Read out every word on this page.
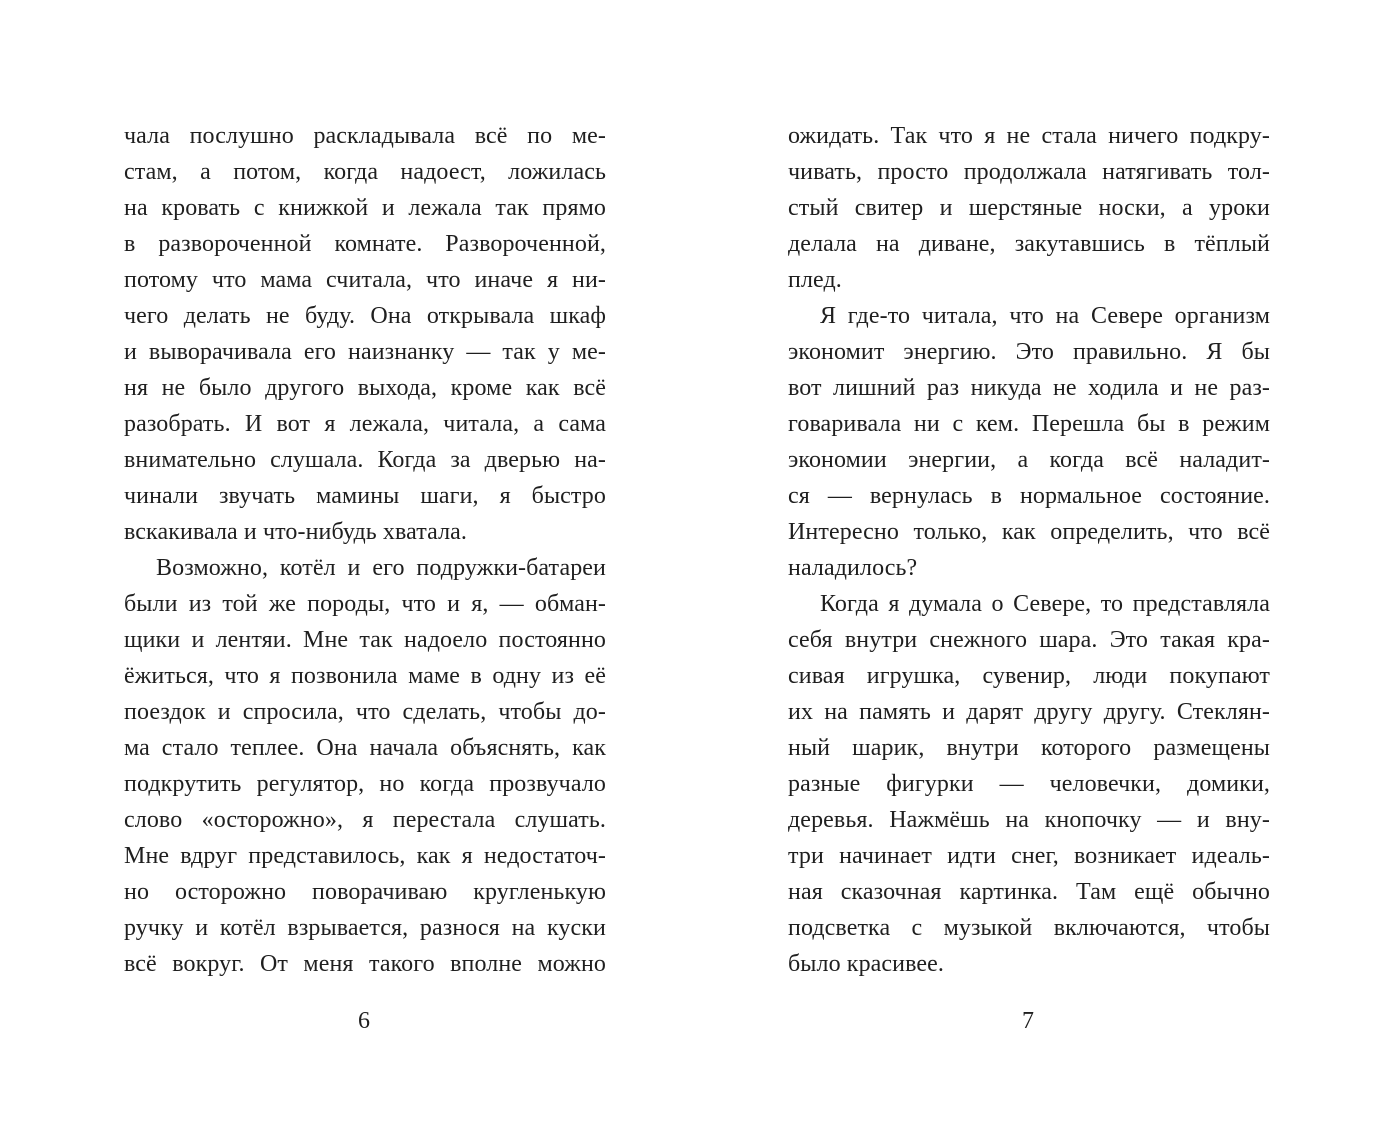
чала послушно раскладывала всё по ме-
стам, а потом, когда надоест, ложилась
на кровать с книжкой и лежала так прямо
в развороченной комнате. Развороченной,
потому что мама считала, что иначе я ни-
чего делать не буду. Она открывала шкаф
и выворачивала его наизнанку — так у ме-
ня не было другого выхода, кроме как всё
разобрать. И вот я лежала, читала, а сама
внимательно слушала. Когда за дверью на-
чинали звучать мамины шаги, я быстро
вскакивала и что-нибудь хватала.
Возможно, котёл и его подружки-батареи
были из той же породы, что и я, — обман-
щики и лентяи. Мне так надоело постоянно
ёжиться, что я позвонила маме в одну из её
поездок и спросила, что сделать, чтобы до-
ма стало теплее. Она начала объяснять, как
подкрутить регулятор, но когда прозвучало
слово «осторожно», я перестала слушать.
Мне вдруг представилось, как я недостаточ-
но осторожно поворачиваю кругленькую
ручку и котёл взрывается, разнося на куски
всё вокруг. От меня такого вполне можно
ожидать. Так что я не стала ничего подкру-
чивать, просто продолжала натягивать тол-
стый свитер и шерстяные носки, а уроки
делала на диване, закутавшись в тёплый
плед.
Я где-то читала, что на Севере организм
экономит энергию. Это правильно. Я бы
вот лишний раз никуда не ходила и не раз-
говаривала ни с кем. Перешла бы в режим
экономии энергии, а когда всё наладит-
ся — вернулась в нормальное состояние.
Интересно только, как определить, что всё
наладилось?
Когда я думала о Севере, то представляла
себя внутри снежного шара. Это такая кра-
сивая игрушка, сувенир, люди покупают
их на память и дарят другу другу. Стеклян-
ный шарик, внутри которого размещены
разные фигурки — человечки, домики,
деревья. Нажмёшь на кнопочку — и вну-
три начинает идти снег, возникает идеаль-
ная сказочная картинка. Там ещё обычно
подсветка с музыкой включаются, чтобы
было красивее.
6	7
